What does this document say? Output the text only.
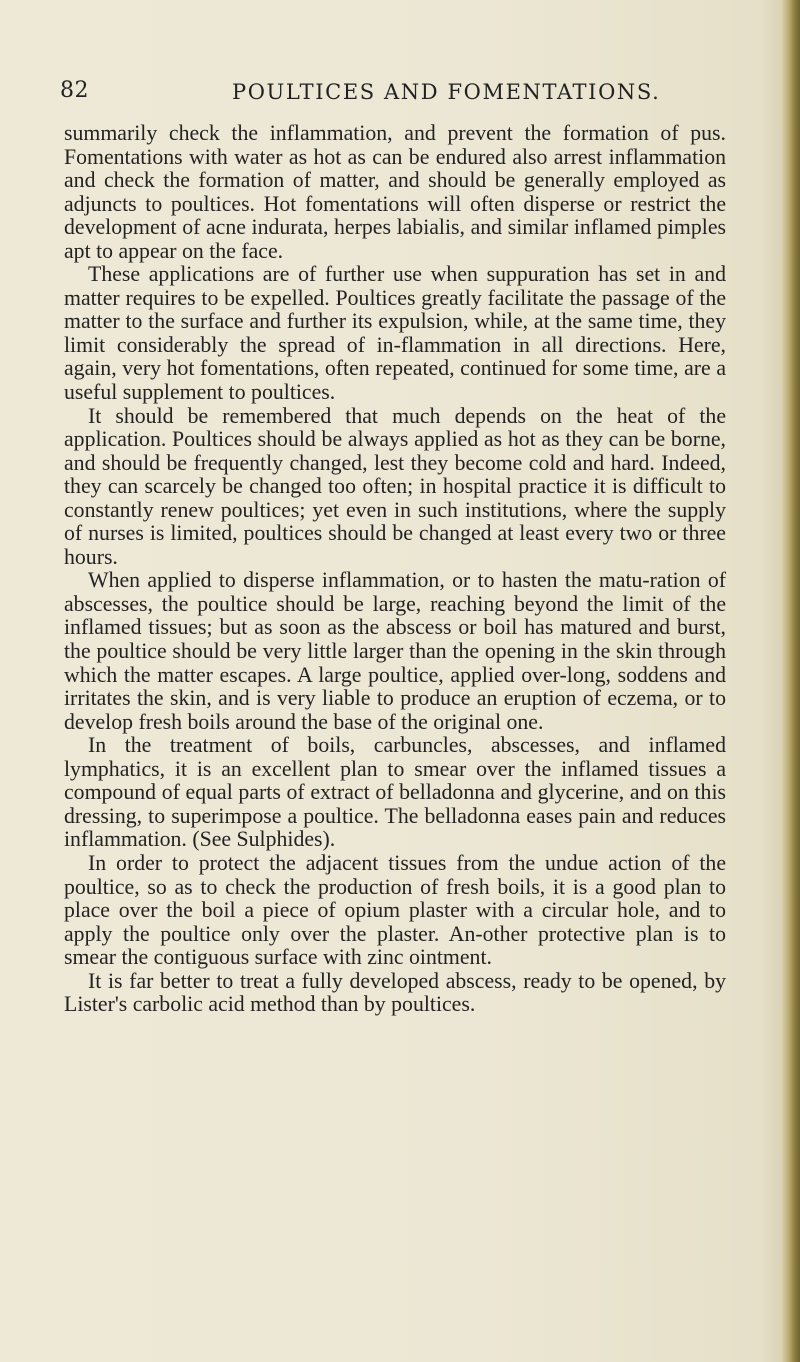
82	POULTICES AND FOMENTATIONS.

summarily check the inflammation, and prevent the formation of pus. Fomentations with water as hot as can be endured also arrest inflammation and check the formation of matter, and should be generally employed as adjuncts to poultices. Hot fomentations will often disperse or restrict the development of acne indurata, herpes labialis, and similar inflamed pimples apt to appear on the face.

These applications are of further use when suppuration has set in and matter requires to be expelled. Poultices greatly facilitate the passage of the matter to the surface and further its expulsion, while, at the same time, they limit considerably the spread of in-flammation in all directions. Here, again, very hot fomentations, often repeated, continued for some time, are a useful supplement to poultices.

It should be remembered that much depends on the heat of the application. Poultices should be always applied as hot as they can be borne, and should be frequently changed, lest they become cold and hard. Indeed, they can scarcely be changed too often; in hospital practice it is difficult to constantly renew poultices; yet even in such institutions, where the supply of nurses is limited, poultices should be changed at least every two or three hours.

When applied to disperse inflammation, or to hasten the matu-ration of abscesses, the poultice should be large, reaching beyond the limit of the inflamed tissues; but as soon as the abscess or boil has matured and burst, the poultice should be very little larger than the opening in the skin through which the matter escapes. A large poultice, applied over-long, soddens and irritates the skin, and is very liable to produce an eruption of eczema, or to develop fresh boils around the base of the original one.

In the treatment of boils, carbuncles, abscesses, and inflamed lymphatics, it is an excellent plan to smear over the inflamed tissues a compound of equal parts of extract of belladonna and glycerine, and on this dressing, to superimpose a poultice. The belladonna eases pain and reduces inflammation. (See Sulphides).

In order to protect the adjacent tissues from the undue action of the poultice, so as to check the production of fresh boils, it is a good plan to place over the boil a piece of opium plaster with a circular hole, and to apply the poultice only over the plaster. An-other protective plan is to smear the contiguous surface with zinc ointment.

It is far better to treat a fully developed abscess, ready to be opened, by Lister's carbolic acid method than by poultices.
